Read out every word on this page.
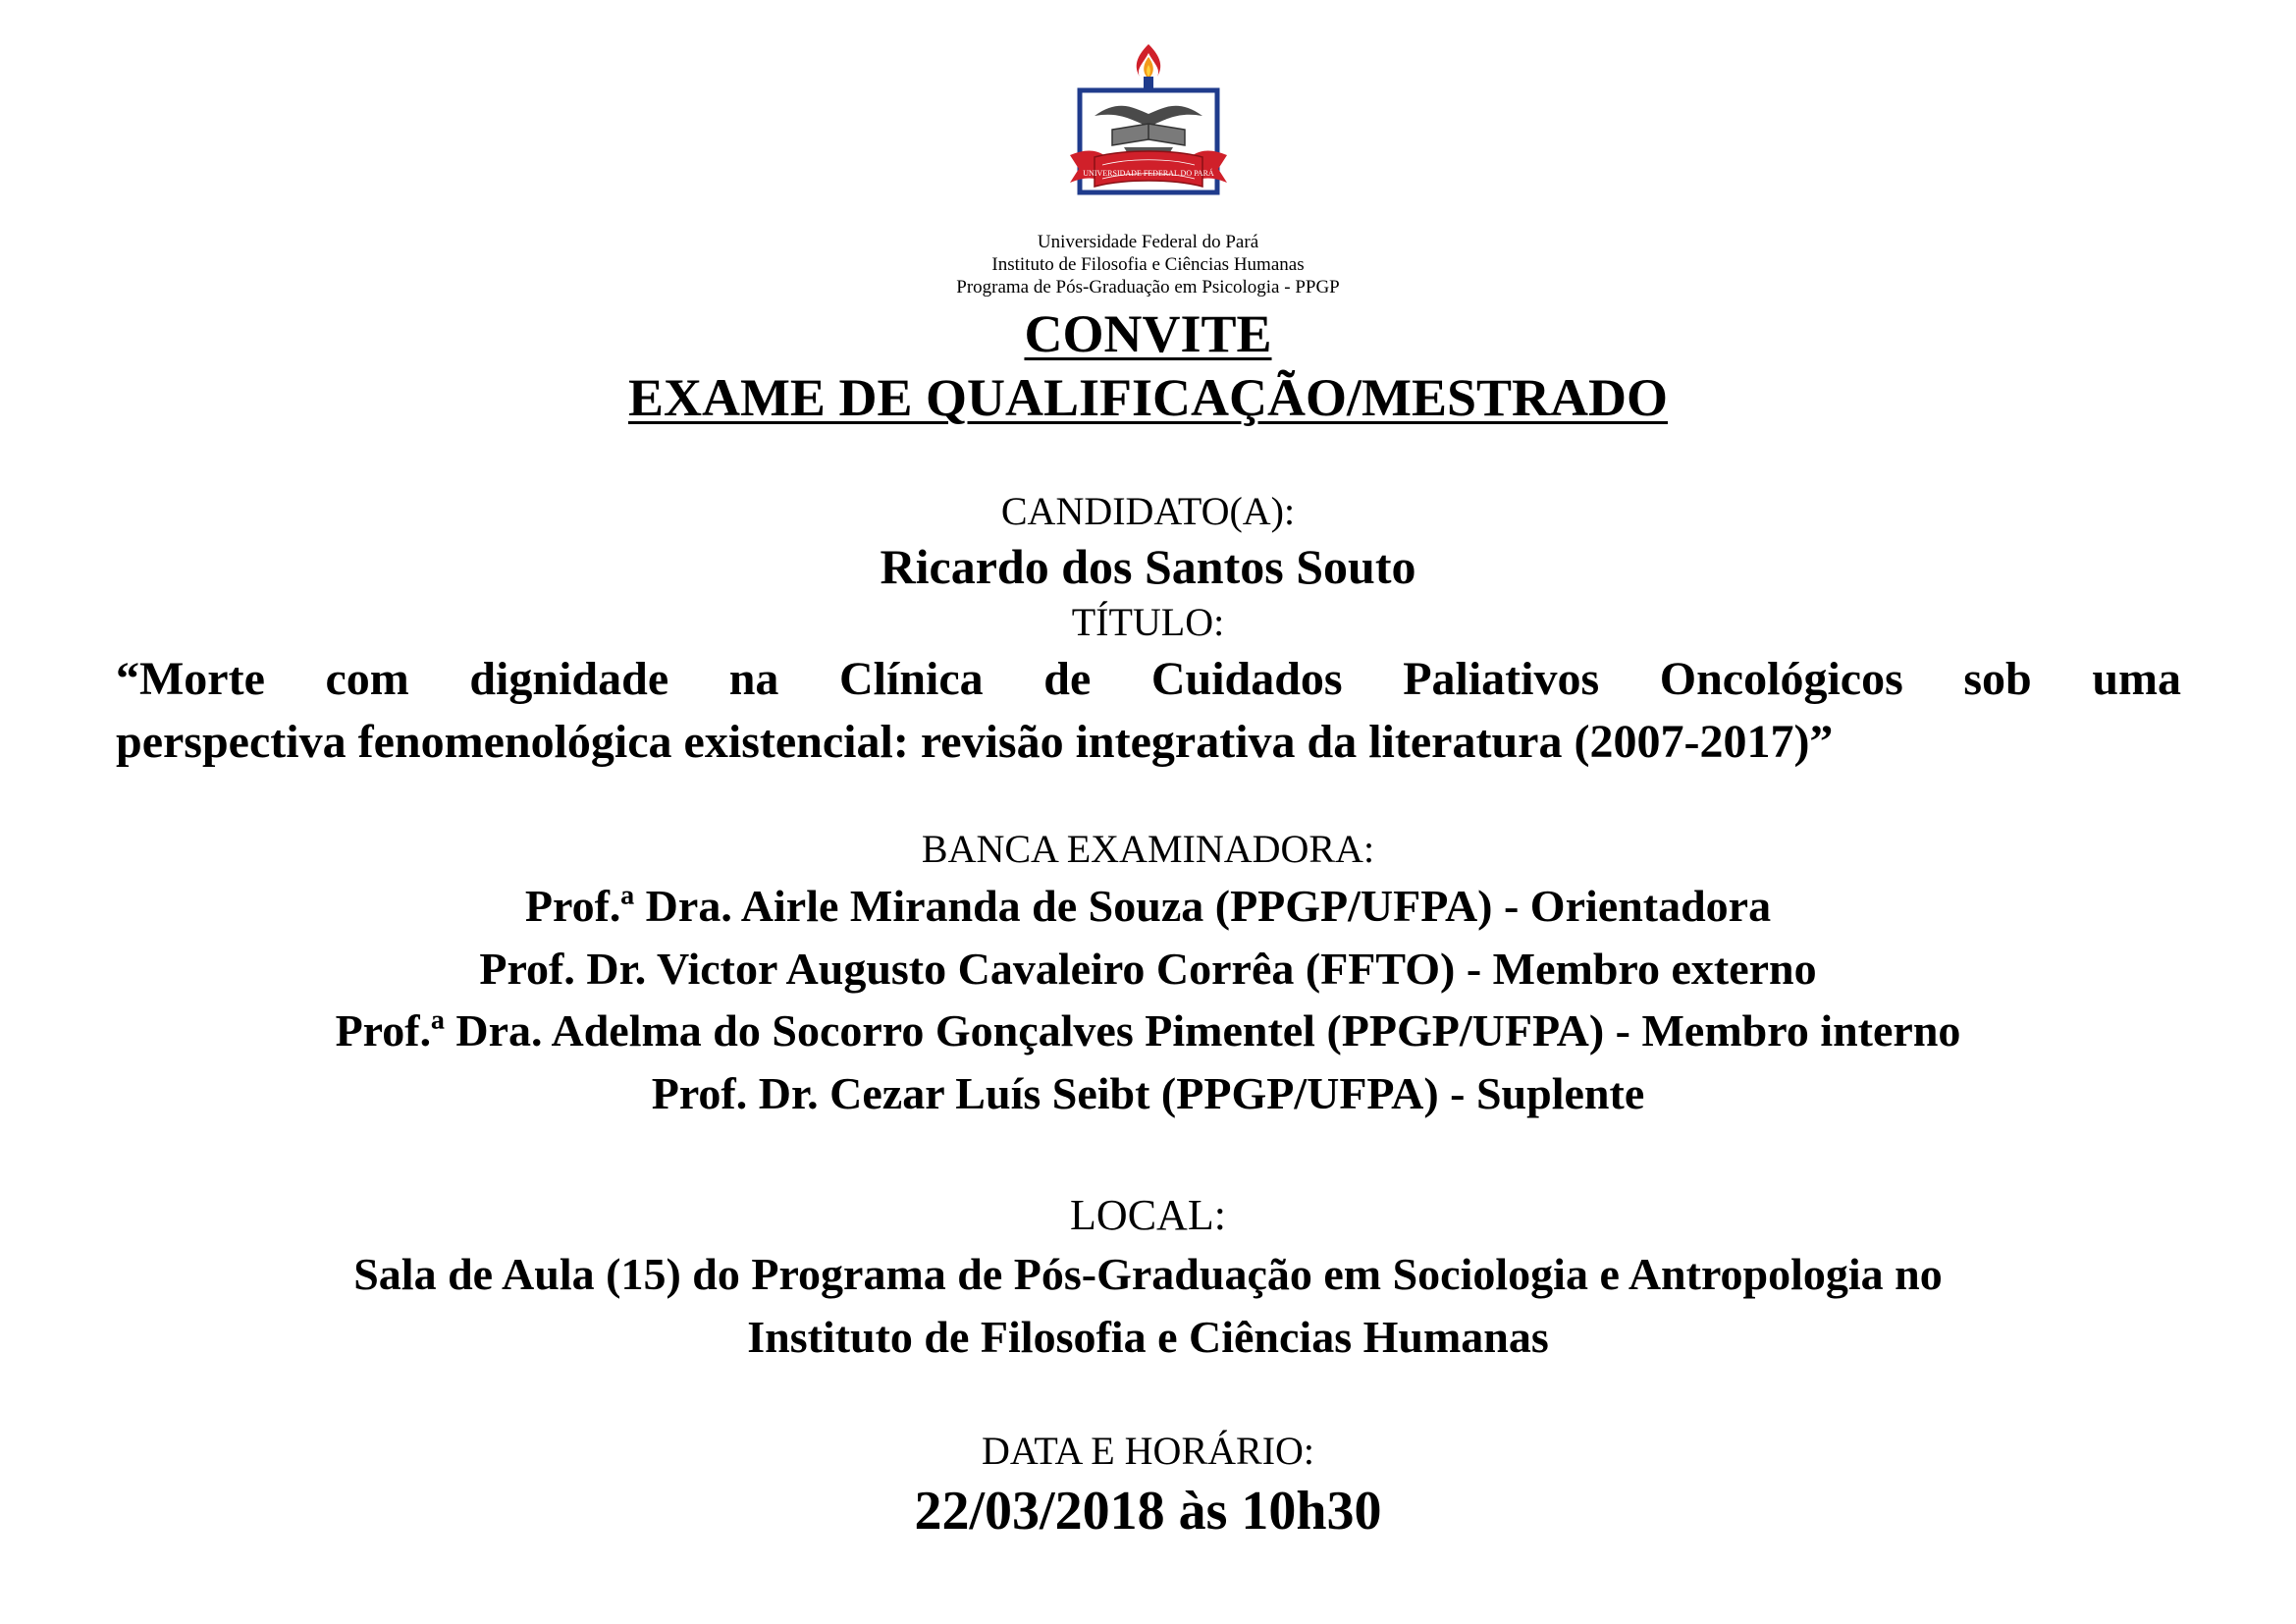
UNIVERSIDADE FEDERAL DO PARÁ
Universidade Federal do Pará
Instituto de Filosofia e Ciências Humanas
Programa de Pós-Graduação em Psicologia - PPGP
CONVITE
EXAME DE QUALIFICAÇÃO/MESTRADO
CANDIDATO(A):
Ricardo dos Santos Souto
TÍTULO:
“Morte com dignidade na Clínica de Cuidados Paliativos Oncológicos sob uma
perspectiva fenomenológica existencial: revisão integrativa da literatura (2007-2017)”
BANCA EXAMINADORA:
Prof.ª Dra. Airle Miranda de Souza (PPGP/UFPA) - Orientadora
Prof. Dr. Victor Augusto Cavaleiro Corrêa (FFTO) - Membro externo
Prof.ª Dra. Adelma do Socorro Gonçalves Pimentel (PPGP/UFPA) - Membro interno
Prof. Dr. Cezar Luís Seibt (PPGP/UFPA) - Suplente
LOCAL:
Sala de Aula (15) do Programa de Pós-Graduação em Sociologia e Antropologia no
Instituto de Filosofia e Ciências Humanas
DATA E HORÁRIO:
22/03/2018 às 10h30
